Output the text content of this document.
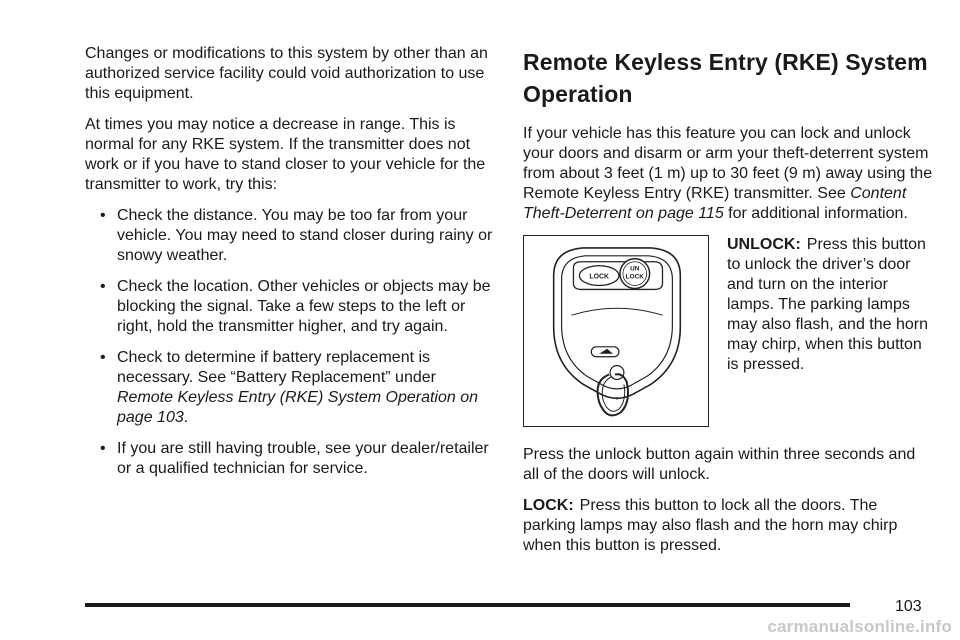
Changes or modifications to this system by other than an authorized service facility could void authorization to use this equipment.

At times you may notice a decrease in range. This is normal for any RKE system. If the transmitter does not work or if you have to stand closer to your vehicle for the transmitter to work, try this:

• Check the distance. You may be too far from your vehicle. You may need to stand closer during rainy or snowy weather.
• Check the location. Other vehicles or objects may be blocking the signal. Take a few steps to the left or right, hold the transmitter higher, and try again.
• Check to determine if battery replacement is necessary. See “Battery Replacement” under Remote Keyless Entry (RKE) System Operation on page 103.
• If you are still having trouble, see your dealer/retailer or a qualified technician for service.
Remote Keyless Entry (RKE) System Operation

If your vehicle has this feature you can lock and unlock your doors and disarm or arm your theft-deterrent system from about 3 feet (1 m) up to 30 feet (9 m) away using the Remote Keyless Entry (RKE) transmitter. See Content Theft-Deterrent on page 115 for additional information.

LOCK
UN
LOCK
UNLOCK: Press this button to unlock the driver’s door and turn on the interior lamps. The parking lamps may also flash, and the horn may chirp, when this button is pressed.

Press the unlock button again within three seconds and all of the doors will unlock.

LOCK: Press this button to lock all the doors. The parking lamps may also flash and the horn may chirp when this button is pressed.

103
carmanualsonline.info
